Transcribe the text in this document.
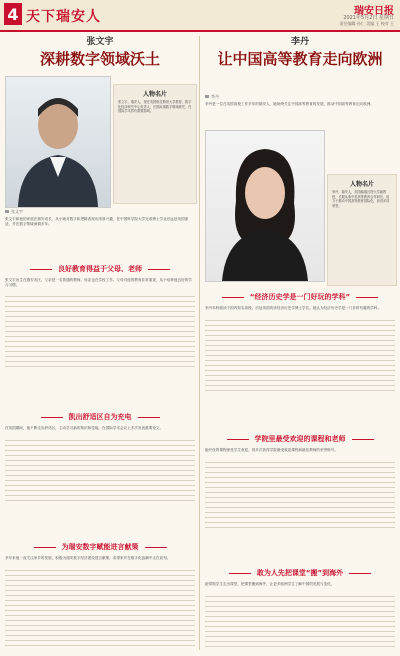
4 天下瑞安人	瑞安日报
2021年5月2日 星期日
责任编辑 孙仁 美编 王 校对 王
张文宇
深耕数字领域沃土
人物名片
张文宇，瑞安人，现任英国格拉斯哥大学教授、数字化经济研究中心负责人，长期从事数字领域研究，在国际学术界有重要影响。
张文宇
张文宇和他的家庭在瑞安成长，从小就对数字和逻辑表现出浓厚兴趣，在中国科学院大学完成博士学业后远赴英国深造，并在数字领域深耕多年。
良好教育得益于父母、老师
张文宇出生在瑞安市区，父亲是一名普通的教师，母亲也在学校工作。父母对他的教育非常重视，从小培养他良好的学习习惯。
凯出舒适区自为充电
在英国期间，他不断走出舒适区，主动学习新的知识和技能，在国际学术会议上多次发表重要论文。
为瑞安数字赋能进言献策
多年来他一直关注家乡的发展，积极为瑞安数字经济建设建言献策，希望家乡在数字化浪潮中走在前列。
李丹
让中国高等教育走向欧洲
李丹
李丹是一位在英国高校工作多年的瑞安人，她始终关注中国高等教育的发展，推动中国高等教育走向欧洲。
人物名片
李丹，瑞安人，英国赫瑞瓦特大学副教授，长期从事中英高等教育合作研究，致力于推动中国高等教育国际化，获得多项荣誉。
“经济历史学是一门好玩的学科”
李丹本科就读于国内知名高校，后赴英国攻读经济历史学博士学位。她认为经济历史学是一门非常有趣的学科。
学院里最受欢迎的课程和老师
她开设的课程深受学生欢迎，曾多次获得学院最受欢迎课程和最佳教师的荣誉称号。
敢为人先把课堂“搬”到海外
她带领学生走出课堂，把课堂搬到海外，让更多欧洲学生了解中国的发展与变化。
